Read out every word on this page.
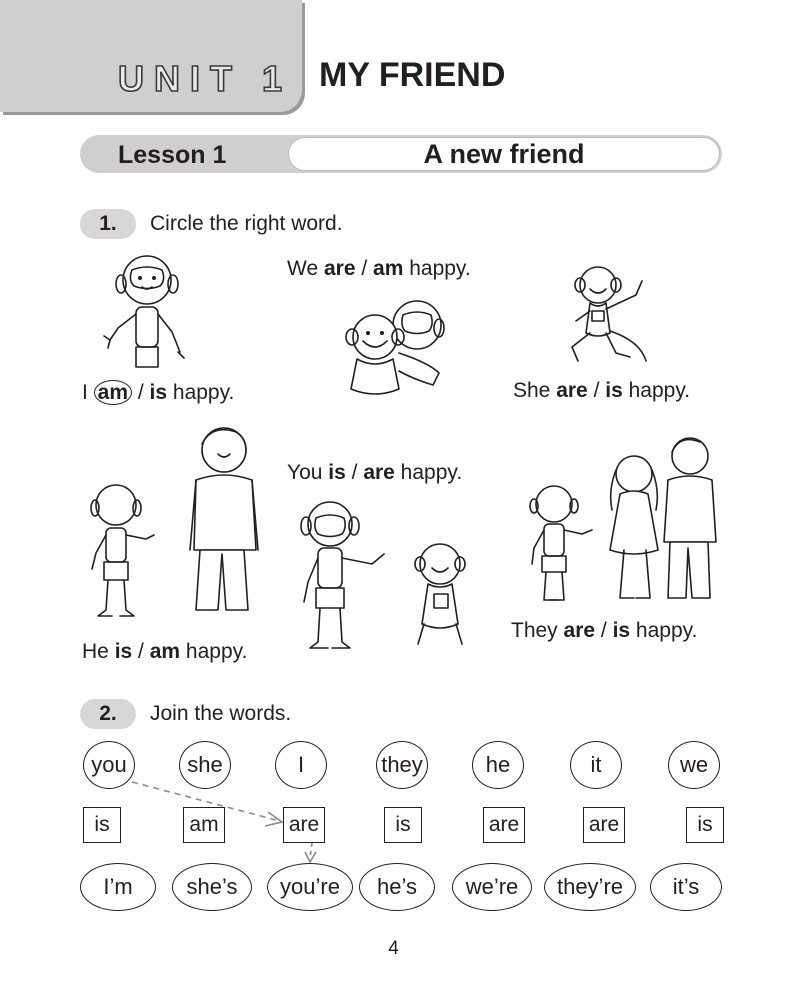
UNIT 1 MY FRIEND
Lesson 1	A new friend
1.	Circle the right word.
I am / is happy.
We are / am happy.
She are / is happy.
You is / are happy.
He is / am happy.
They are / is happy.
2.	Join the words.
you	she	I	they	he	it	we
is	am	are	is	are	are	is
I’m	she’s	you’re	he’s	we’re	they’re	it’s
4
